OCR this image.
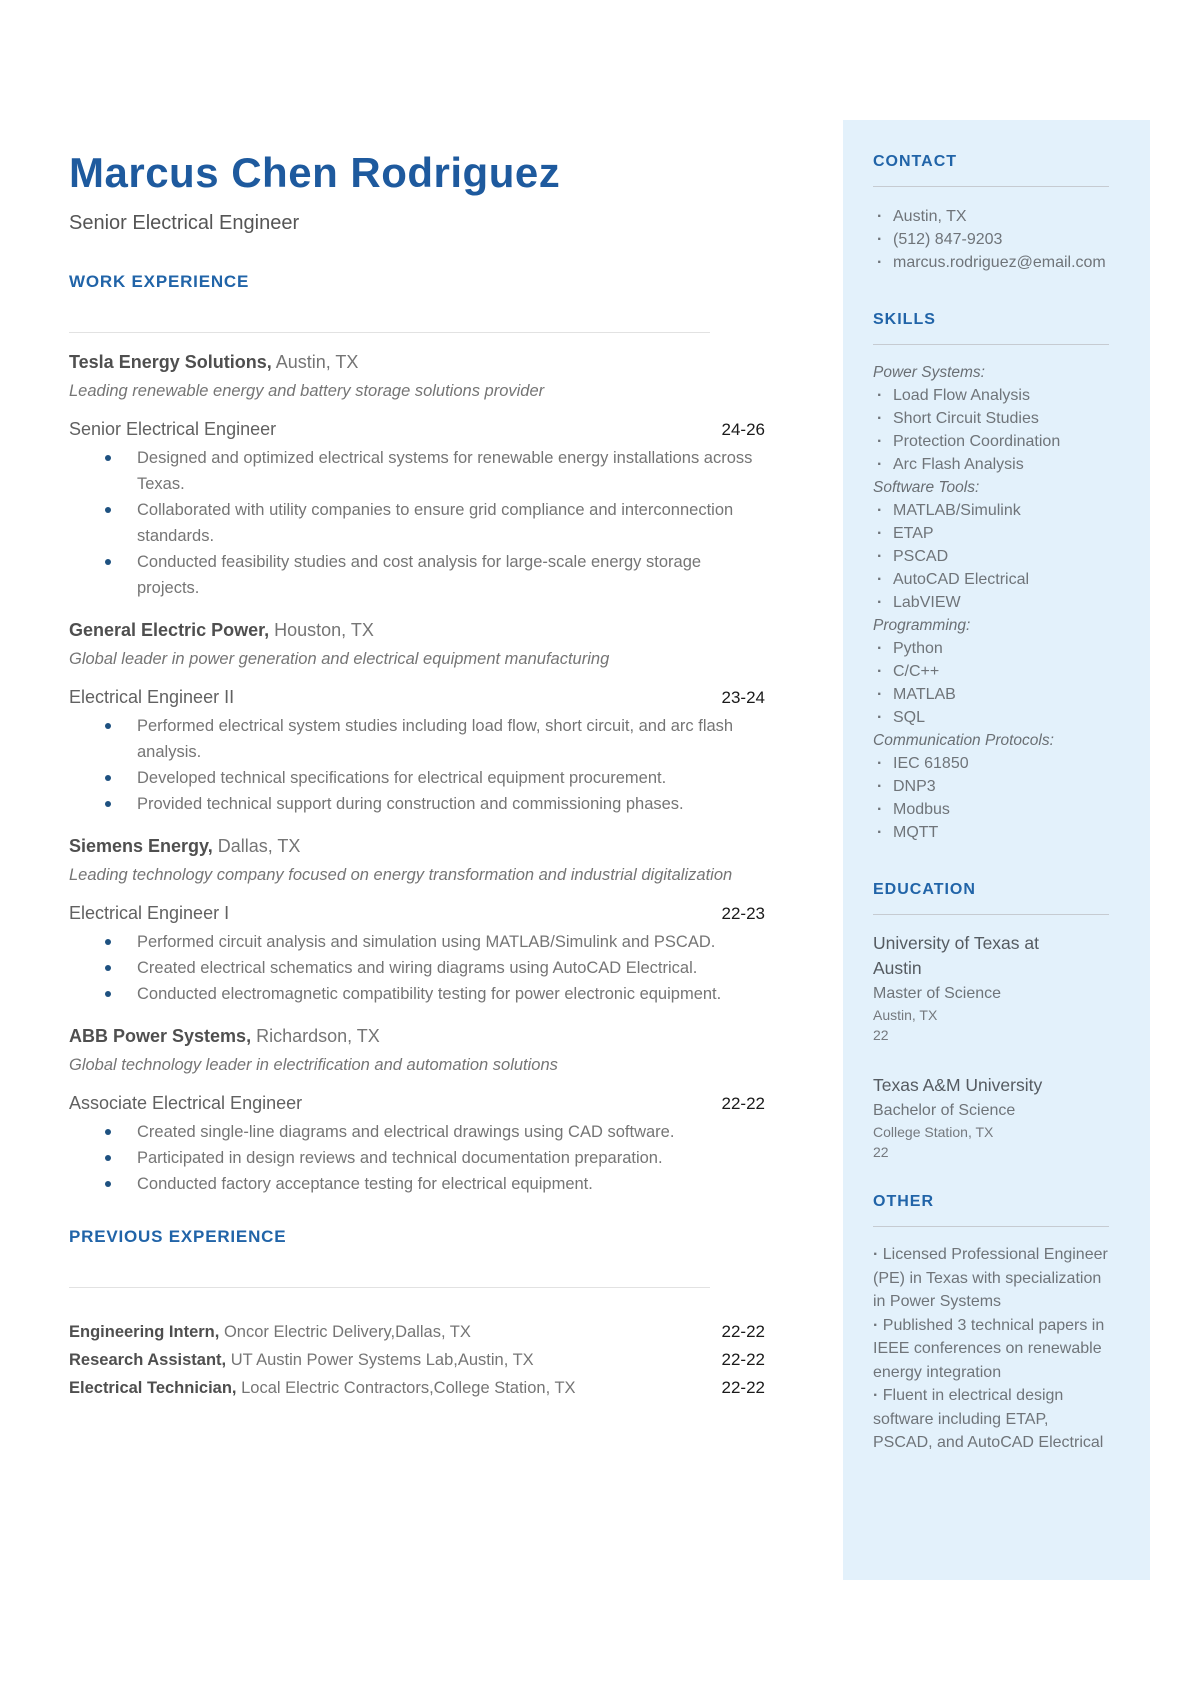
Marcus Chen Rodriguez
Senior Electrical Engineer
WORK EXPERIENCE
Tesla Energy Solutions, Austin, TX
Leading renewable energy and battery storage solutions provider
Senior Electrical Engineer	24-26
Designed and optimized electrical systems for renewable energy installations across Texas.
Collaborated with utility companies to ensure grid compliance and interconnection standards.
Conducted feasibility studies and cost analysis for large-scale energy storage projects.
General Electric Power, Houston, TX
Global leader in power generation and electrical equipment manufacturing
Electrical Engineer II	23-24
Performed electrical system studies including load flow, short circuit, and arc flash analysis.
Developed technical specifications for electrical equipment procurement.
Provided technical support during construction and commissioning phases.
Siemens Energy, Dallas, TX
Leading technology company focused on energy transformation and industrial digitalization
Electrical Engineer I	22-23
Performed circuit analysis and simulation using MATLAB/Simulink and PSCAD.
Created electrical schematics and wiring diagrams using AutoCAD Electrical.
Conducted electromagnetic compatibility testing for power electronic equipment.
ABB Power Systems, Richardson, TX
Global technology leader in electrification and automation solutions
Associate Electrical Engineer	22-22
Created single-line diagrams and electrical drawings using CAD software.
Participated in design reviews and technical documentation preparation.
Conducted factory acceptance testing for electrical equipment.
PREVIOUS EXPERIENCE
Engineering Intern, Oncor Electric Delivery,Dallas, TX	22-22
Research Assistant, UT Austin Power Systems Lab,Austin, TX	22-22
Electrical Technician, Local Electric Contractors,College Station, TX	22-22
CONTACT
· Austin, TX
· (512) 847-9203
· marcus.rodriguez@email.com
SKILLS
Power Systems:
· Load Flow Analysis
· Short Circuit Studies
· Protection Coordination
· Arc Flash Analysis
Software Tools:
· MATLAB/Simulink
· ETAP
· PSCAD
· AutoCAD Electrical
· LabVIEW
Programming:
· Python
· C/C++
· MATLAB
· SQL
Communication Protocols:
· IEC 61850
· DNP3
· Modbus
· MQTT
EDUCATION
University of Texas at Austin
Master of Science
Austin, TX
22
Texas A&M University
Bachelor of Science
College Station, TX
22
OTHER
· Licensed Professional Engineer (PE) in Texas with specialization in Power Systems
· Published 3 technical papers in IEEE conferences on renewable energy integration
· Fluent in electrical design software including ETAP, PSCAD, and AutoCAD Electrical
